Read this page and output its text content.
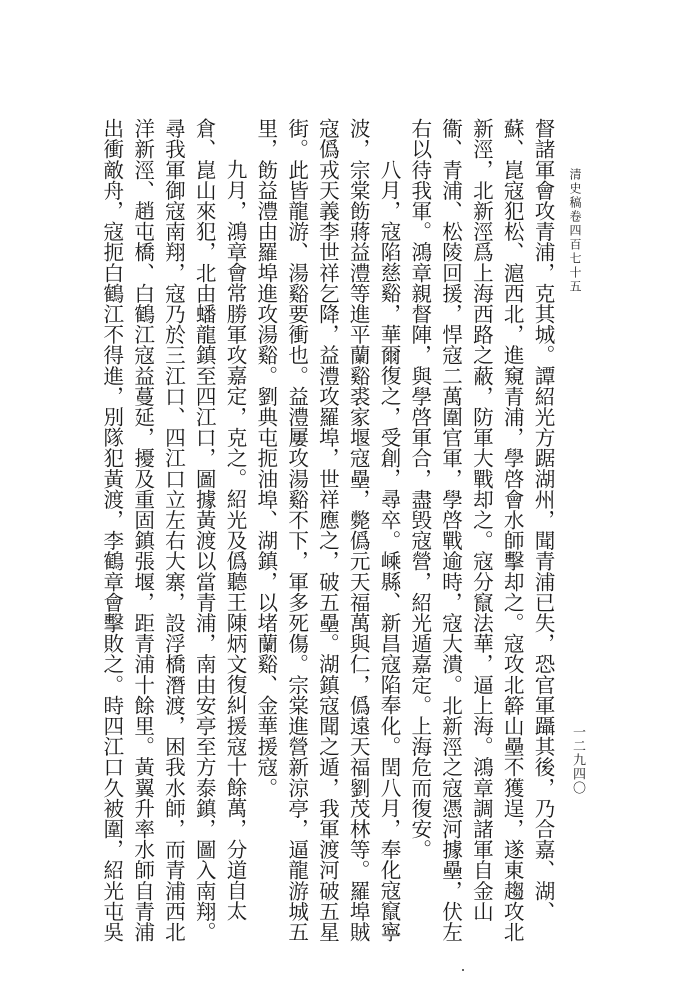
清史稿卷四百七十五
一二九四〇

督諸軍會攻青浦，克其城。譚紹光方踞湖州，聞青浦已失，恐官軍躡其後，乃合嘉、湖、蘇、崑寇犯松、滬西北，進窺青浦，學啓會水師擊却之。寇攻北簳山壘不獲逞，遂東趨攻北新涇，北新涇爲上海西路之蔽，防軍大戰却之。寇分竄法華，逼上海。鴻章調諸軍自金山衞、青浦、松陵回援，悍寇二萬圍官軍，學啓戰逾時，寇大潰。北新涇之寇憑河據壘，伏左右以待我軍。鴻章親督陣，與學啓軍合，盡毁寇營，紹光遁嘉定。上海危而復安。

八月，寇陷慈谿，華爾復之，受創，尋卒。嵊縣、新昌寇陷奉化。閏八月，奉化寇竄寧波，宗棠飭蔣益澧等進平蘭谿裘家堰寇壘，斃僞元天福萬與仁，僞遠天福劉茂林等。羅埠賊寇僞戎天義李世祥乞降，益澧攻羅埠，世祥應之，破五壘。湖鎮寇聞之遁，我軍渡河破五星街。此皆龍游、湯谿要衝也。益澧屢攻湯谿不下，軍多死傷。宗棠進營新涼亭，逼龍游城五里，飭益澧由羅埠進攻湯谿。劉典屯扼油埠、湖鎮，以堵蘭谿、金華援寇。

九月，鴻章會常勝軍攻嘉定，克之。紹光及僞聽王陳炳文復糾援寇十餘萬，分道自太倉、崑山來犯，北由蟠龍鎮至四江口，圖據黃渡以當青浦，南由安亭至方泰鎮，圖入南翔。尋我軍御寇南翔，寇乃於三江口、四江口立左右大寨，設浮橋潛渡，困我水師，而青浦西北洋新涇、趙屯橋、白鶴江寇益蔓延，擾及重固鎮張堰，距青浦十餘里。黃翼升率水師自青浦出衝敵舟，寇扼白鶴江不得進，別隊犯黃渡，李鶴章會擊敗之。時四江口久被圍，紹光屯吳
